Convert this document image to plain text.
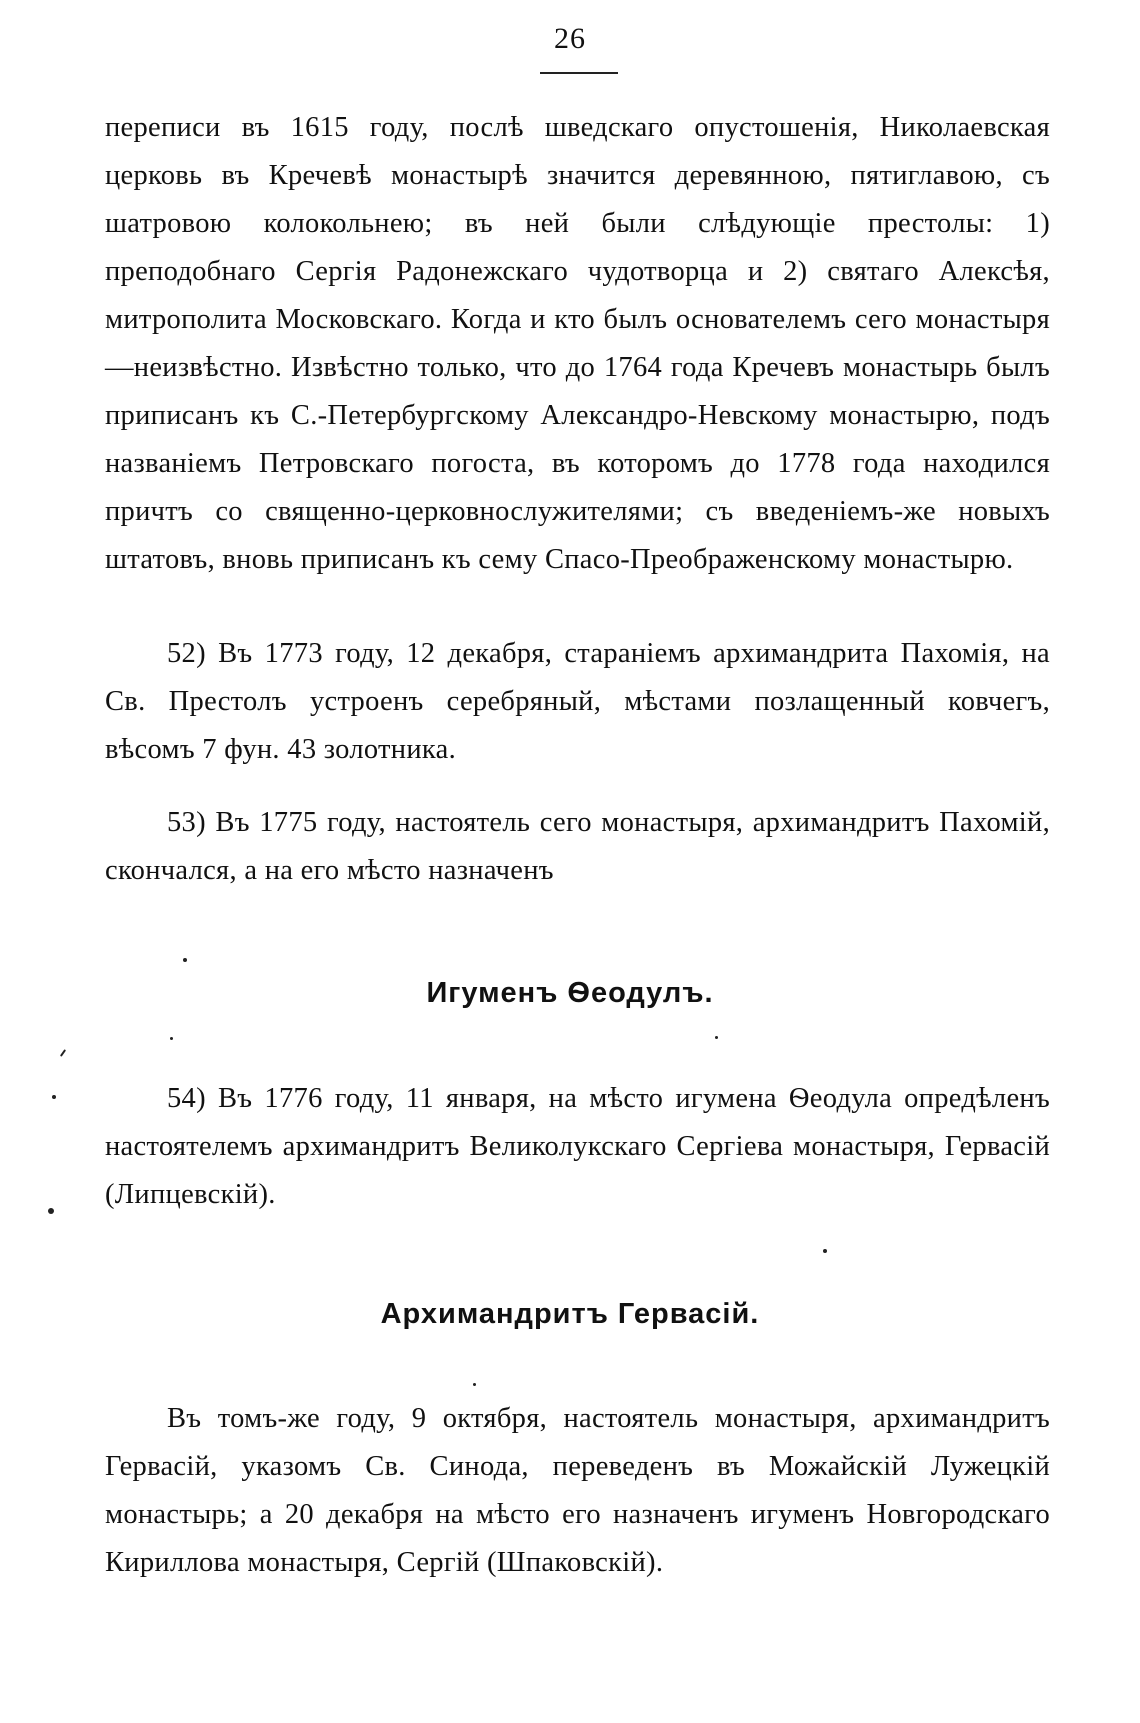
26

переписи въ 1615 году, послѣ шведскаго опустошенія, Николаевская церковь въ Кречевѣ монастырѣ значится деревянною, пятиглавою, съ шатровою колокольнею; въ ней были слѣдующіе престолы: 1) преподобнаго Сергія Радонежскаго чудотворца и 2) святаго Алексѣя, митрополита Московскаго. Когда и кто былъ основателемъ сего монастыря—неизвѣстно. Извѣстно только, что до 1764 года Кречевъ монастырь былъ приписанъ къ С.-Петербургскому Александро-Невскому монастырю, подъ названіемъ Петровскаго погоста, въ которомъ до 1778 года находился причтъ со священно-церковнослужителями; съ введеніемъ-же новыхъ штатовъ, вновь приписанъ къ сему Спасо-Преображенскому монастырю.

52) Въ 1773 году, 12 декабря, стараніемъ архимандрита Пахомія, на Св. Престолъ устроенъ серебряный, мѣстами позлащенный ковчегъ, вѣсомъ 7 фун. 43 золотника.

53) Въ 1775 году, настоятель сего монастыря, архимандритъ Пахомій, скончался, а на его мѣсто назначенъ

Игуменъ Ѳеодулъ.

54) Въ 1776 году, 11 января, на мѣсто игумена Ѳеодула опредѣленъ настоятелемъ архимандритъ Великолукскаго Сергіева монастыря, Гервасій (Липцевскій).

Архимандритъ Гервасій.

Въ томъ-же году, 9 октября, настоятель монастыря, архимандритъ Гервасій, указомъ Св. Синода, переведенъ въ Можайскій Лужецкій монастырь; а 20 декабря на мѣсто его назначенъ игуменъ Новгородскаго Кириллова монастыря, Сергій (Шпаковскій).
